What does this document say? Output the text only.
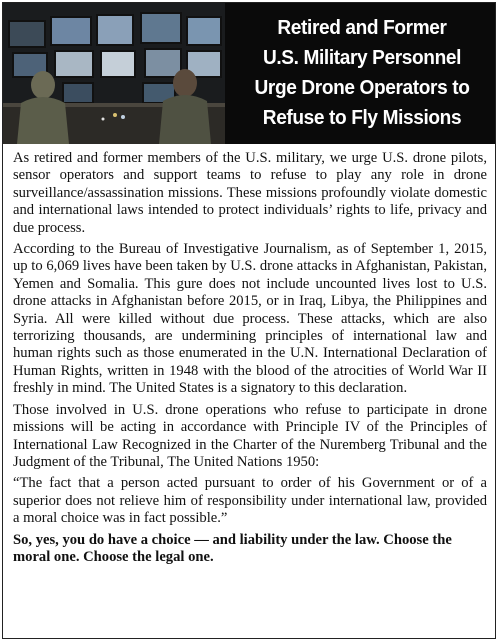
Retired and Former
U.S. Military Personnel
Urge Drone Operators to
Refuse to Fly Missions

As retired and former members of the U.S. military, we urge U.S. drone pilots, sensor operators and support teams to refuse to play any role in drone surveillance/assassination missions. These missions profoundly violate domestic and international laws intended to protect individuals’ rights to life, privacy and due process.

According to the Bureau of Investigative Journalism, as of September 1, 2015, up to 6,069 lives have been taken by U.S. drone attacks in Afghanistan, Pakistan, Yemen and Somalia. This gure does not include uncounted lives lost to U.S. drone attacks in Afghanistan before 2015, or in Iraq, Libya, the Philippines and Syria. All were killed without due process. These attacks, which are also terrorizing thousands, are undermining principles of international law and human rights such as those enumerated in the U.N. International Declaration of Human Rights, written in 1948 with the blood of the atrocities of World War II freshly in mind. The United States is a signatory to this declaration.

Those involved in U.S. drone operations who refuse to participate in drone missions will be acting in accordance with Principle IV of the Principles of International Law Recognized in the Charter of the Nuremberg Tribunal and the Judgment of the Tribunal, The United Nations 1950:

“The fact that a person acted pursuant to order of his Government or of a superior does not relieve him of responsibility under international law, provided a moral choice was in fact possible.”

So, yes, you do have a choice — and liability under the law. Choose the moral one. Choose the legal one.
